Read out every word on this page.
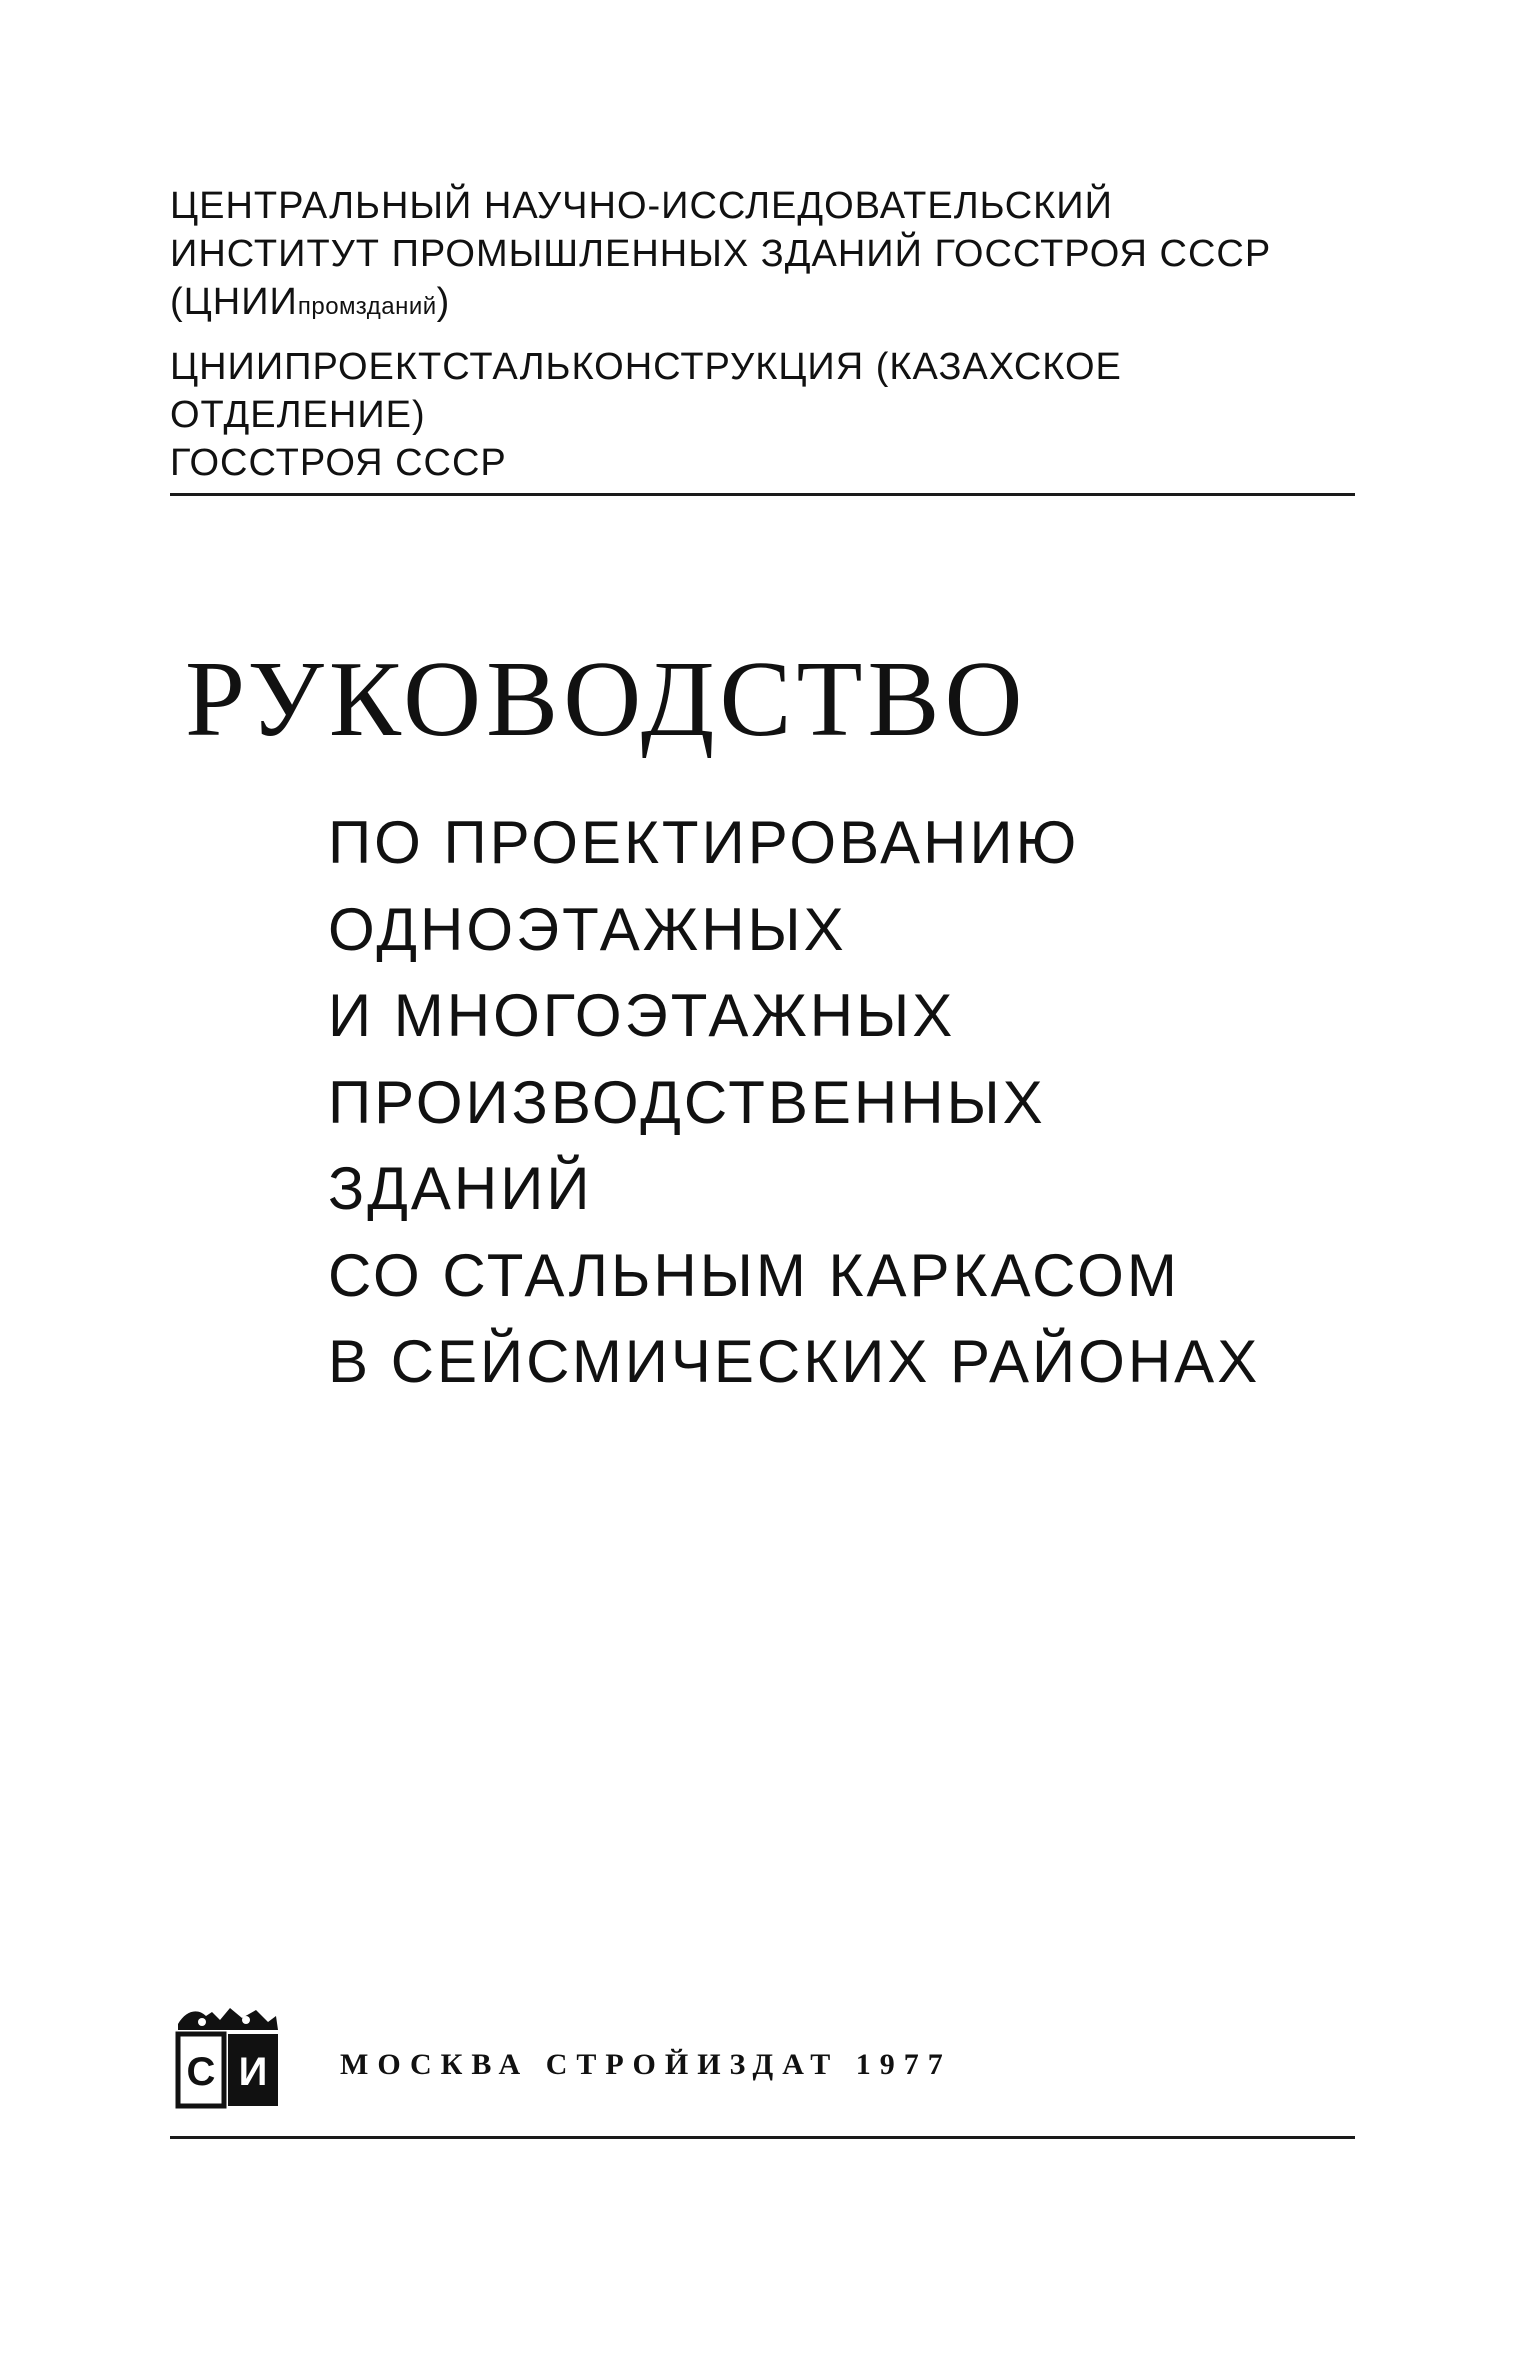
ЦЕНТРАЛЬНЫЙ НАУЧНО-ИССЛЕДОВАТЕЛЬСКИЙ
ИНСТИТУТ ПРОМЫШЛЕННЫХ ЗДАНИЙ ГОССТРОЯ СССР
(ЦНИИпромзданий)
ЦНИИПРОЕКТСТАЛЬКОНСТРУКЦИЯ (КАЗАХСКОЕ
ОТДЕЛЕНИЕ)
ГОССТРОЯ СССР
РУКОВОДСТВО
ПО ПРОЕКТИРОВАНИЮ
ОДНОЭТАЖНЫХ
И МНОГОЭТАЖНЫХ
ПРОИЗВОДСТВЕННЫХ
ЗДАНИЙ
СО СТАЛЬНЫМ КАРКАСОМ
В СЕЙСМИЧЕСКИХ РАЙОНАХ
С И МОСКВА СТРОЙИЗДАТ 1977
